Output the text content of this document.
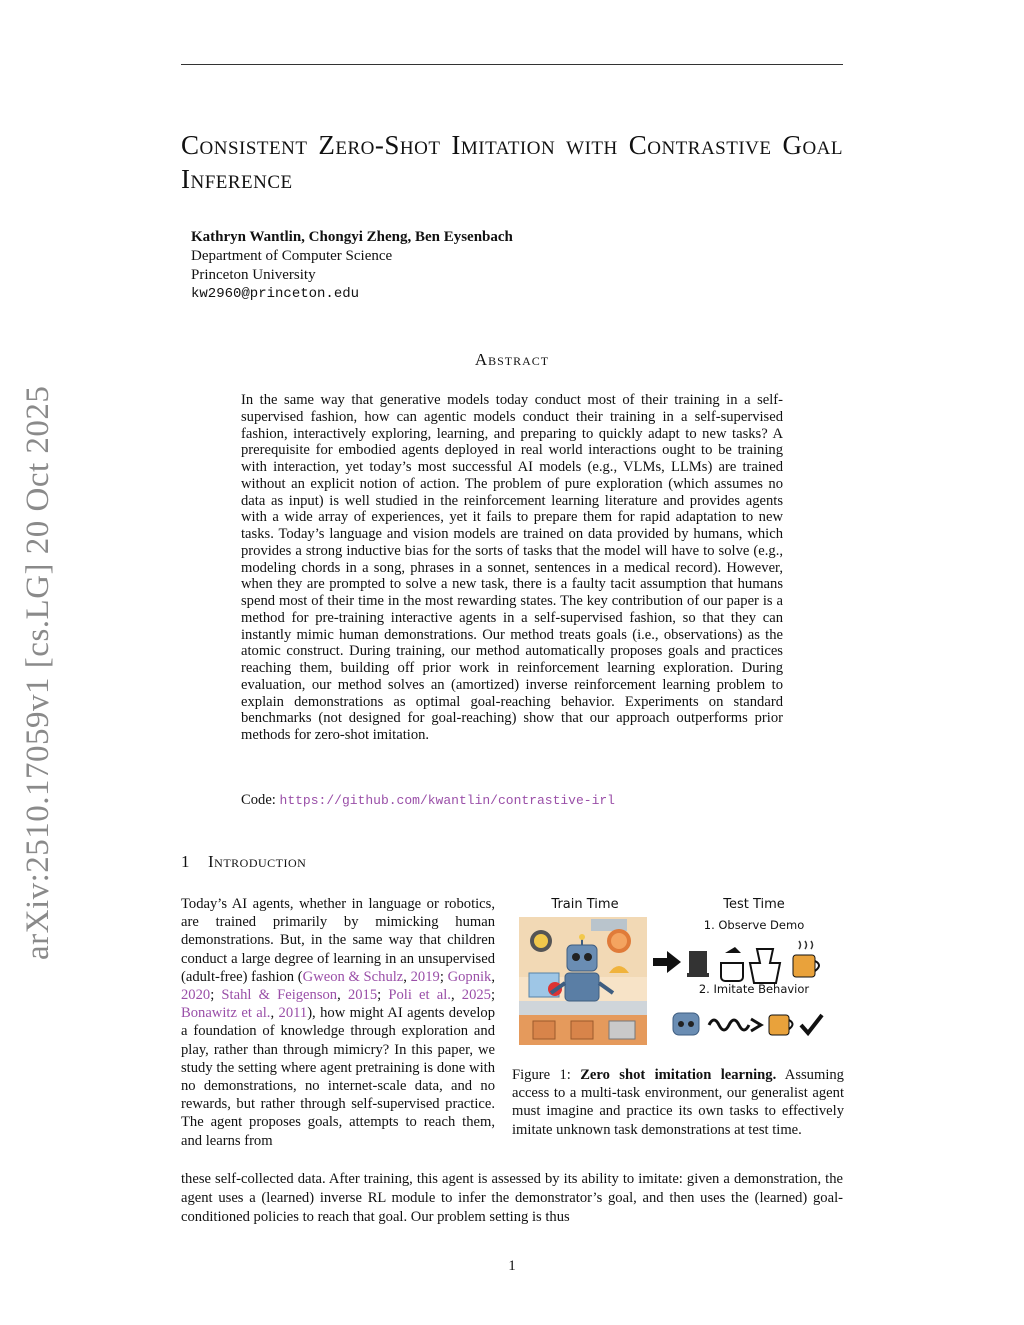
arXiv:2510.17059v1 [cs.LG] 20 Oct 2025
Consistent Zero-Shot Imitation with Contrastive Goal Inference
Kathryn Wantlin, Chongyi Zheng, Ben Eysenbach
Department of Computer Science
Princeton University
kw2960@princeton.edu
Abstract
In the same way that generative models today conduct most of their training in a self-supervised fashion, how can agentic models conduct their training in a self-supervised fashion, interactively exploring, learning, and preparing to quickly adapt to new tasks? A prerequisite for embodied agents deployed in real world interactions ought to be training with interaction, yet today’s most successful AI models (e.g., VLMs, LLMs) are trained without an explicit notion of action. The problem of pure exploration (which assumes no data as input) is well studied in the reinforcement learning literature and provides agents with a wide array of experiences, yet it fails to prepare them for rapid adaptation to new tasks. Today’s language and vision models are trained on data provided by humans, which provides a strong inductive bias for the sorts of tasks that the model will have to solve (e.g., modeling chords in a song, phrases in a sonnet, sentences in a medical record). However, when they are prompted to solve a new task, there is a faulty tacit assumption that humans spend most of their time in the most rewarding states. The key contribution of our paper is a method for pre-training interactive agents in a self-supervised fashion, so that they can instantly mimic human demonstrations. Our method treats goals (i.e., observations) as the atomic construct. During training, our method automatically proposes goals and practices reaching them, building off prior work in reinforcement learning exploration. During evaluation, our method solves an (amortized) inverse reinforcement learning problem to explain demonstrations as optimal goal-reaching behavior. Experiments on standard benchmarks (not designed for goal-reaching) show that our approach outperforms prior methods for zero-shot imitation.
Code: https://github.com/kwantlin/contrastive-irl
1 Introduction
Today’s AI agents, whether in language or robotics, are trained primarily by mimicking human demonstrations. But, in the same way that children conduct a large degree of learning in an unsupervised (adult-free) fashion (Gweon & Schulz, 2019; Gopnik, 2020; Stahl & Feigenson, 2015; Poli et al., 2025; Bonawitz et al., 2011), how might AI agents develop a foundation of knowledge through exploration and play, rather than through mimicry? In this paper, we study the setting where agent pretraining is done with no demonstrations, no internet-scale data, and no rewards, but rather through self-supervised practice. The agent proposes goals, attempts to reach them, and learns from
Train Time	Test Time
1. Observe Demo
2. Imitate Behavior
Figure 1: Zero shot imitation learning. Assuming access to a multi-task environment, our generalist agent must imagine and practice its own tasks to effectively imitate unknown task demonstrations at test time.
these self-collected data. After training, this agent is assessed by its ability to imitate: given a demonstration, the agent uses a (learned) inverse RL module to infer the demonstrator’s goal, and then uses the (learned) goal-conditioned policies to reach that goal. Our problem setting is thus
1
